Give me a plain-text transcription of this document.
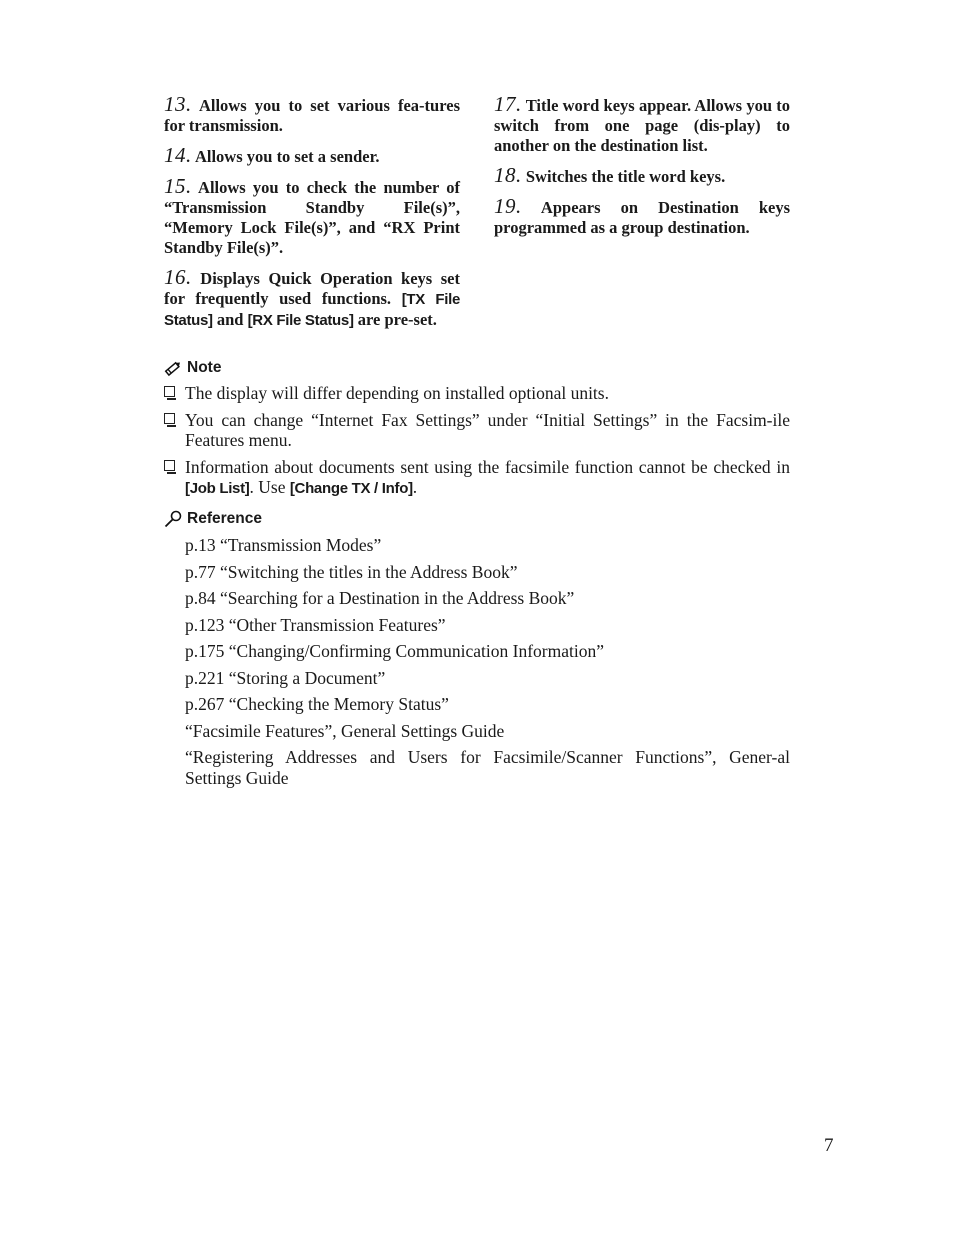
13. Allows you to set various fea-tures for transmission.
14. Allows you to set a sender.
15. Allows you to check the number of “Transmission Standby File(s)”, “Memory Lock File(s)”, and “RX Print Standby File(s)”.
16. Displays Quick Operation keys set for frequently used functions. [TX File Status] and [RX File Status] are pre-set.
17. Title word keys appear. Allows you to switch from one page (dis-play) to another on the destination list.
18. Switches the title word keys.
19. Appears on Destination keys programmed as a group destination.
Note
The display will differ depending on installed optional units.
You can change “Internet Fax Settings” under “Initial Settings” in the Facsim-ile Features menu.
Information about documents sent using the facsimile function cannot be checked in [Job List]. Use [Change TX / Info].
Reference
p.13 “Transmission Modes”
p.77 “Switching the titles in the Address Book”
p.84 “Searching for a Destination in the Address Book”
p.123 “Other Transmission Features”
p.175 “Changing/Confirming Communication Information”
p.221 “Storing a Document”
p.267 “Checking the Memory Status”
“Facsimile Features”, General Settings Guide
“Registering Addresses and Users for Facsimile/Scanner Functions”, Gener-al Settings Guide
7
